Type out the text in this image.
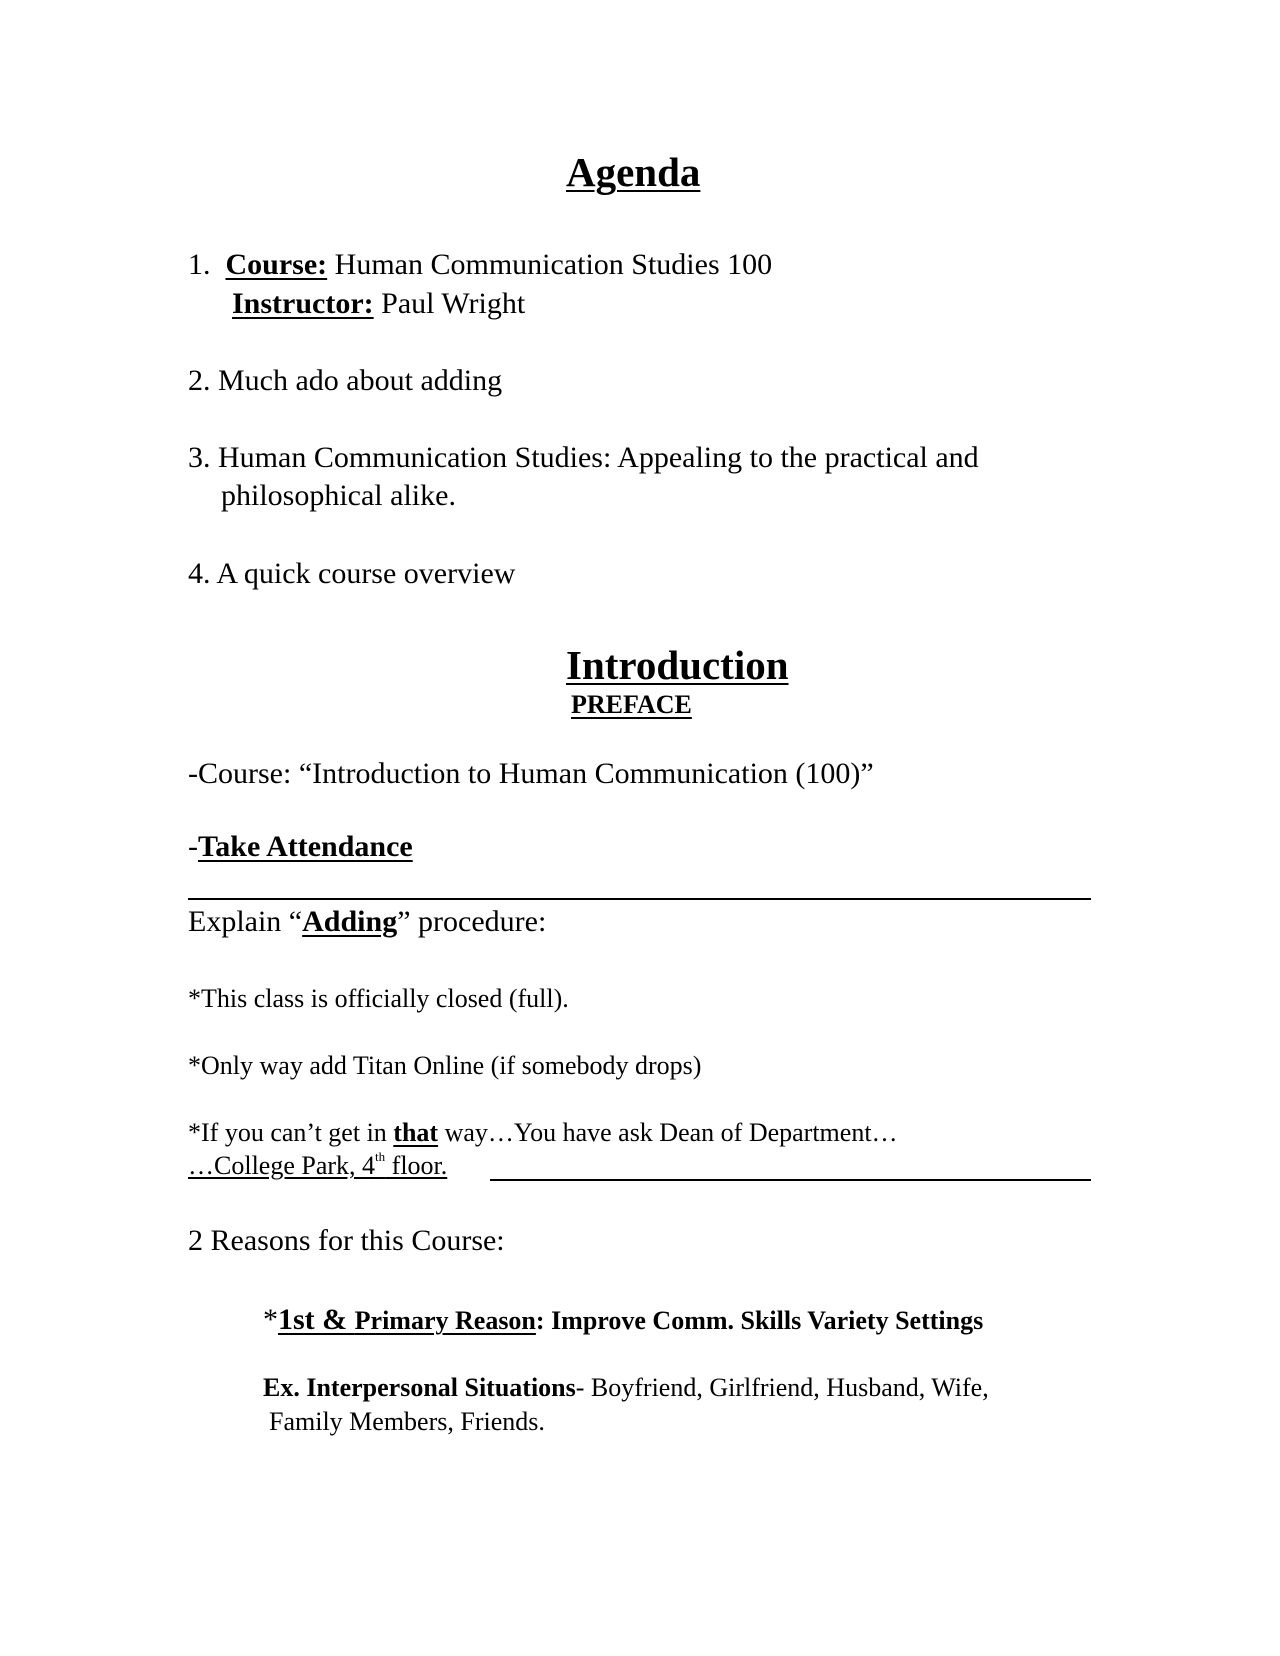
Agenda
1. Course: Human Communication Studies 100
Instructor: Paul Wright
2. Much ado about adding
3. Human Communication Studies: Appealing to the practical and
philosophical alike.
4. A quick course overview
Introduction
PREFACE
-Course: “Introduction to Human Communication (100)”
-Take Attendance
Explain “Adding” procedure:
*This class is officially closed (full).
*Only way add Titan Online (if somebody drops)
*If you can’t get in that way…You have ask Dean of Department…
…College Park, 4th floor.
2 Reasons for this Course:
*1st & Primary Reason: Improve Comm. Skills Variety Settings
Ex. Interpersonal Situations- Boyfriend, Girlfriend, Husband, Wife,
Family Members, Friends.
